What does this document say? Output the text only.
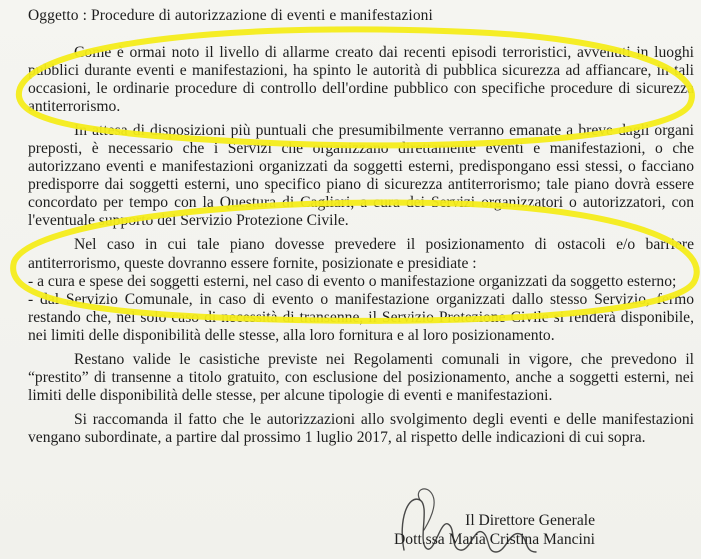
Oggetto : Procedure di autorizzazione di eventi e manifestazioni

Come è ormai noto il livello di allarme creato dai recenti episodi terroristici, avvenuti in luoghi pubblici durante eventi e manifestazioni, ha spinto le autorità di pubblica sicurezza ad affiancare, in tali occasioni, le ordinarie procedure di controllo dell'ordine pubblico con specifiche procedure di sicurezza antiterrorismo.

In attesa di disposizioni più puntuali che presumibilmente verranno emanate a breve dagli organi preposti, è necessario che i Servizi che organizzano direttamente eventi e manifestazioni, o che autorizzano eventi e manifestazioni organizzati da soggetti esterni, predispongano essi stessi, o facciano predisporre dai soggetti esterni, uno specifico piano di sicurezza antiterrorismo; tale piano dovrà essere concordato per tempo con la Questura di Cagliari, a cura dei Servizi organizzatori o autorizzatori, con l'eventuale supporto del Servizio Protezione Civile.

Nel caso in cui tale piano dovesse prevedere il posizionamento di ostacoli e/o barriere antiterrorismo, queste dovranno essere fornite, posizionate e presidiate :

- a cura e spese dei soggetti esterni, nel caso di evento o manifestazione organizzati da soggetto esterno;

- dal Servizio Comunale, in caso di evento o manifestazione organizzati dallo stesso Servizio, fermo restando che, nel solo caso di necessità di transenne, il Servizio Protezione Civile si renderà disponibile, nei limiti delle disponibilità delle stesse, alla loro fornitura e al loro posizionamento.

Restano valide le casistiche previste nei Regolamenti comunali in vigore, che prevedono il “prestito” di transenne a titolo gratuito, con esclusione del posizionamento, anche a soggetti esterni, nei limiti delle disponibilità delle stesse, per alcune tipologie di eventi e manifestazioni.

Si raccomanda il fatto che le autorizzazioni allo svolgimento degli eventi e delle manifestazioni vengano subordinate, a partire dal prossimo 1 luglio 2017, al rispetto delle indicazioni di cui sopra.

Il Direttore Generale
Dott.ssa Maria Cristina Mancini
